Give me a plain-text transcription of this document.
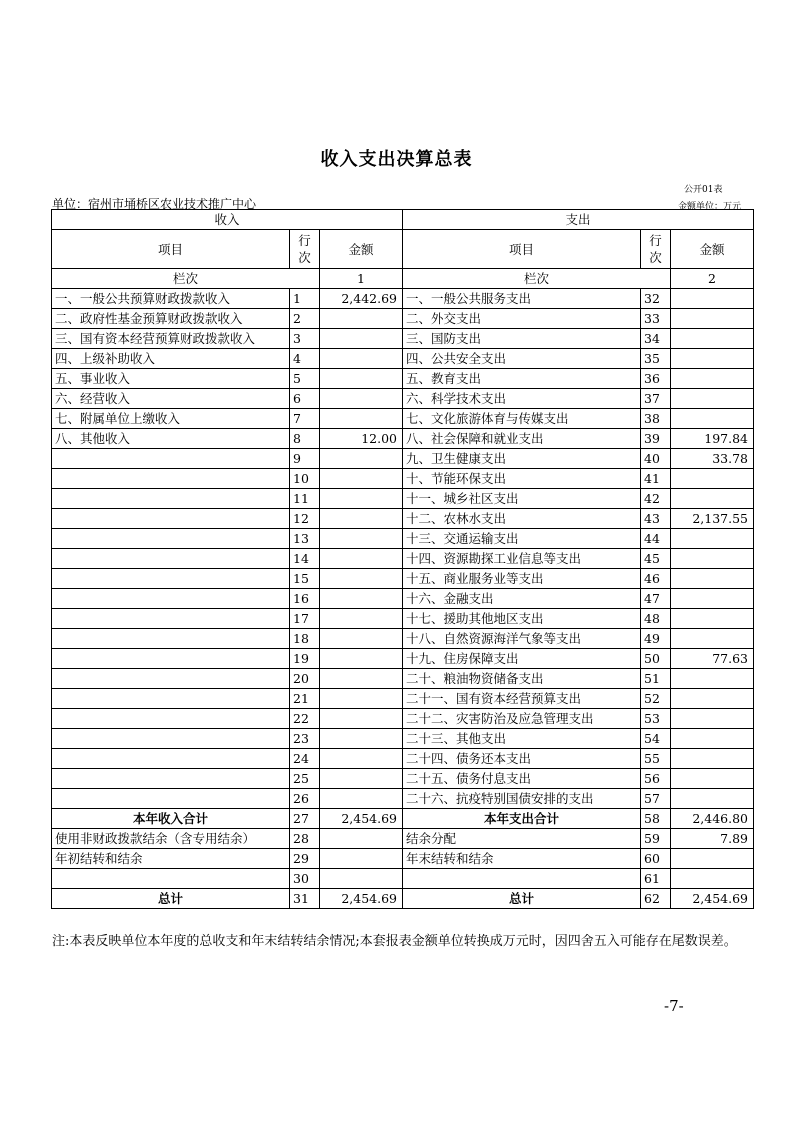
收入支出决算总表
公开01表
单位：宿州市埇桥区农业技术推广中心	金额单位：万元
收入			支出		
项目	行次	金额	项目	行次	金额
栏次		1	栏次		2
一、一般公共预算财政拨款收入	1	2,442.69	一、一般公共服务支出	32	
二、政府性基金预算财政拨款收入	2		二、外交支出	33	
三、国有资本经营预算财政拨款收入	3		三、国防支出	34	
四、上级补助收入	4		四、公共安全支出	35	
五、事业收入	5		五、教育支出	36	
六、经营收入	6		六、科学技术支出	37	
七、附属单位上缴收入	7		七、文化旅游体育与传媒支出	38	
八、其他收入	8	12.00	八、社会保障和就业支出	39	197.84
	9		九、卫生健康支出	40	33.78
	10		十、节能环保支出	41	
	11		十一、城乡社区支出	42	
	12		十二、农林水支出	43	2,137.55
	13		十三、交通运输支出	44	
	14		十四、资源勘探工业信息等支出	45	
	15		十五、商业服务业等支出	46	
	16		十六、金融支出	47	
	17		十七、援助其他地区支出	48	
	18		十八、自然资源海洋气象等支出	49	
	19		十九、住房保障支出	50	77.63
	20		二十、粮油物资储备支出	51	
	21		二十一、国有资本经营预算支出	52	
	22		二十二、灾害防治及应急管理支出	53	
	23		二十三、其他支出	54	
	24		二十四、债务还本支出	55	
	25		二十五、债务付息支出	56	
	26		二十六、抗疫特别国债安排的支出	57	
本年收入合计	27	2,454.69	本年支出合计	58	2,446.80
使用非财政拨款结余（含专用结余）	28		结余分配	59	7.89
年初结转和结余	29		年末结转和结余	60	
	30			61	
总计	31	2,454.69	总计	62	2,454.69
注:本表反映单位本年度的总收支和年末结转结余情况;本套报表金额单位转换成万元时，因四舍五入可能存在尾数误差。
-7-
